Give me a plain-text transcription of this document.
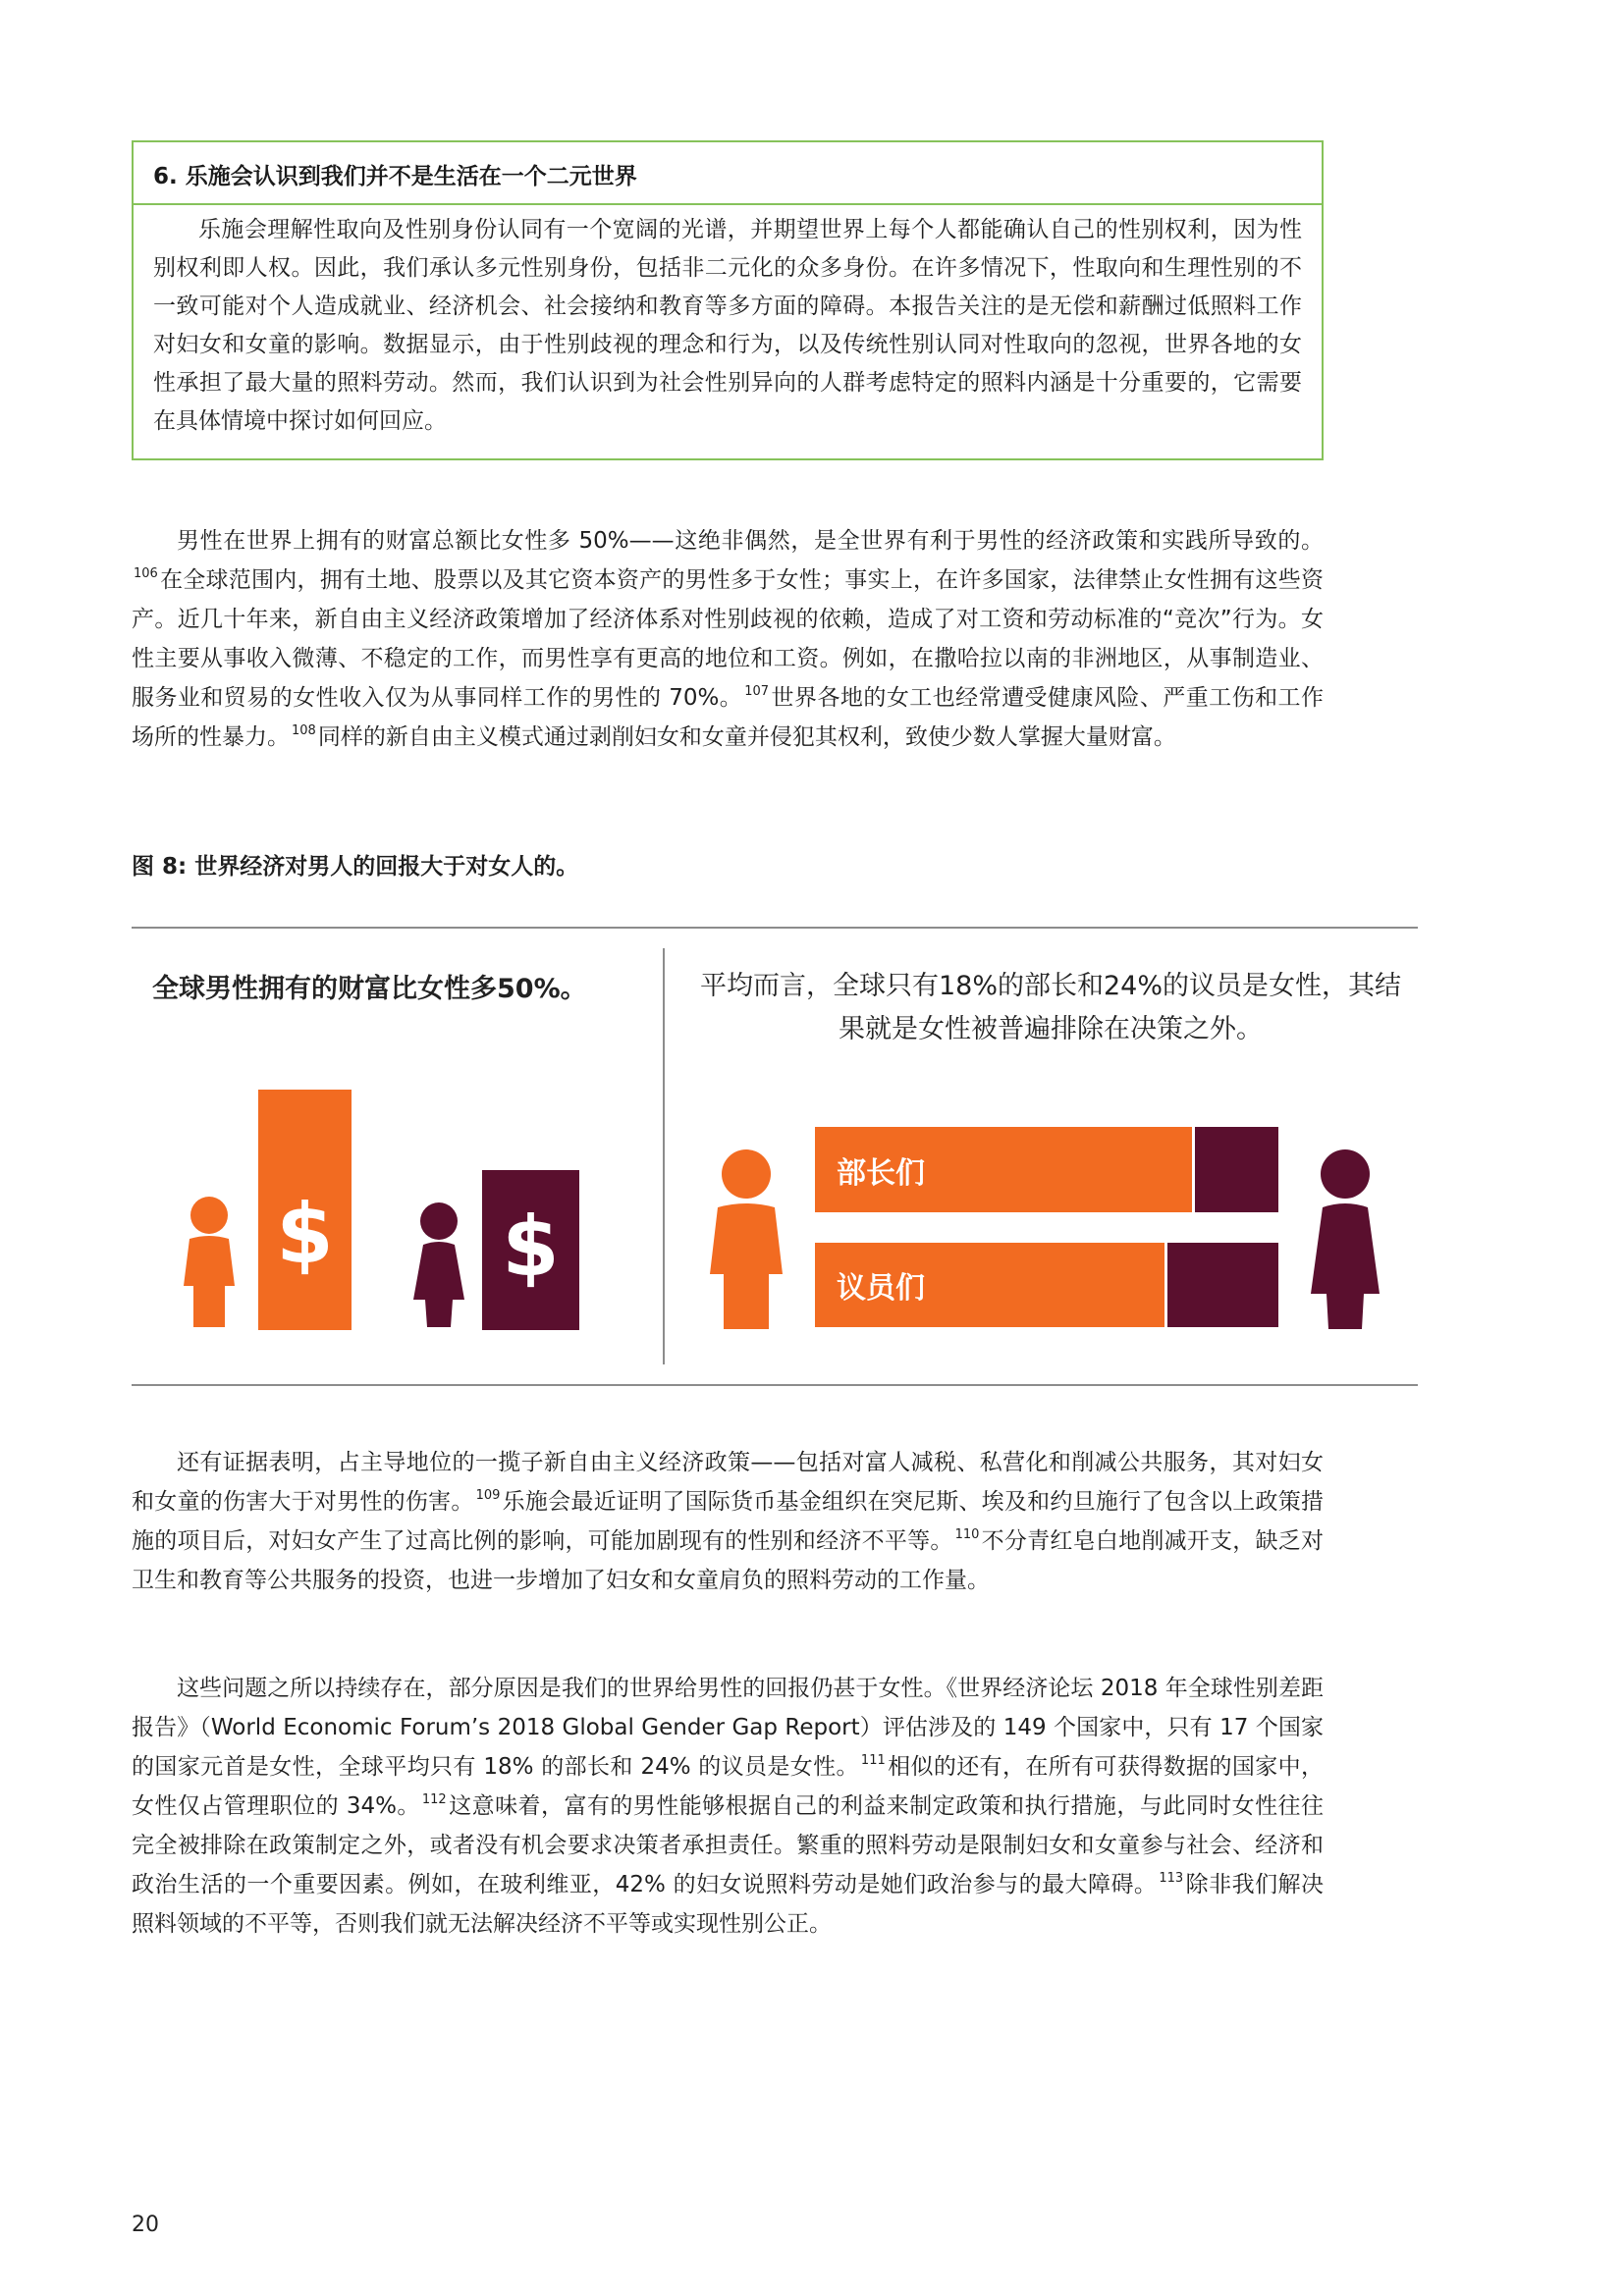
6. 乐施会认识到我们并不是生活在一个二元世界

乐施会理解性取向及性别身份认同有一个宽阔的光谱，并期望世界上每个人都能确认自己的性别权利，因为性别权利即人权。因此，我们承认多元性别身份，包括非二元化的众多身份。在许多情况下，性取向和生理性别的不一致可能对个人造成就业、经济机会、社会接纳和教育等多方面的障碍。本报告关注的是无偿和薪酬过低照料工作对妇女和女童的影响。数据显示，由于性别歧视的理念和行为，以及传统性别认同对性取向的忽视，世界各地的女性承担了最大量的照料劳动。然而，我们认识到为社会性别异向的人群考虑特定的照料内涵是十分重要的，它需要在具体情境中探讨如何回应。

男性在世界上拥有的财富总额比女性多 50%——这绝非偶然，是全世界有利于男性的经济政策和实践所导致的。$^{106}$在全球范围内，拥有土地、股票以及其它资本资产的男性多于女性；事实上，在许多国家，法律禁止女性拥有这些资产。近几十年来，新自由主义经济政策增加了经济体系对性别歧视的依赖，造成了对工资和劳动标准的“竞次”行为。女性主要从事收入微薄、不稳定的工作，而男性享有更高的地位和工资。例如，在撒哈拉以南的非洲地区，从事制造业、服务业和贸易的女性收入仅为从事同样工作的男性的 70%。 $^{107}$世界各地的女工也经常遭受健康风险、严重工伤和工作场所的性暴力。 $^{108}$同样的新自由主义模式通过剥削妇女和女童并侵犯其权利，致使少数人掌握大量财富。

图 8: 世界经济对男人的回报大于对女人的。
全球男性拥有的财富比女性多50%。	平均而言，全球只有18%的部长和24%的议员是女性，其结果就是女性被普遍排除在决策之外。
$ $
部长们
议员们

还有证据表明，占主导地位的一揽子新自由主义经济政策——包括对富人减税、私营化和削减公共服务，其对妇女和女童的伤害大于对男性的伤害。 $^{109}$乐施会最近证明了国际货币基金组织在突尼斯、埃及和约旦施行了包含以上政策措施的项目后，对妇女产生了过高比例的影响，可能加剧现有的性别和经济不平等。 $^{110}$不分青红皂白地削减开支，缺乏对卫生和教育等公共服务的投资，也进一步增加了妇女和女童肩负的照料劳动的工作量。

这些问题之所以持续存在，部分原因是我们的世界给男性的回报仍甚于女性。《世界经济论坛 2018 年全球性别差距报告》（World Economic Forum’s 2018 Global Gender Gap Report）评估涉及的 149 个国家中，只有 17 个国家的国家元首是女性，全球平均只有 18% 的部长和 24% 的议员是女性。 $^{111}$相似的还有，在所有可获得数据的国家中，女性仅占管理职位的 34%。 $^{112}$这意味着，富有的男性能够根据自己的利益来制定政策和执行措施，与此同时女性往往完全被排除在政策制定之外，或者没有机会要求决策者承担责任。繁重的照料劳动是限制妇女和女童参与社会、经济和政治生活的一个重要因素。例如，在玻利维亚，42% 的妇女说照料劳动是她们政治参与的最大障碍。 $^{113}$除非我们解决照料领域的不平等，否则我们就无法解决经济不平等或实现性别公正。

20
